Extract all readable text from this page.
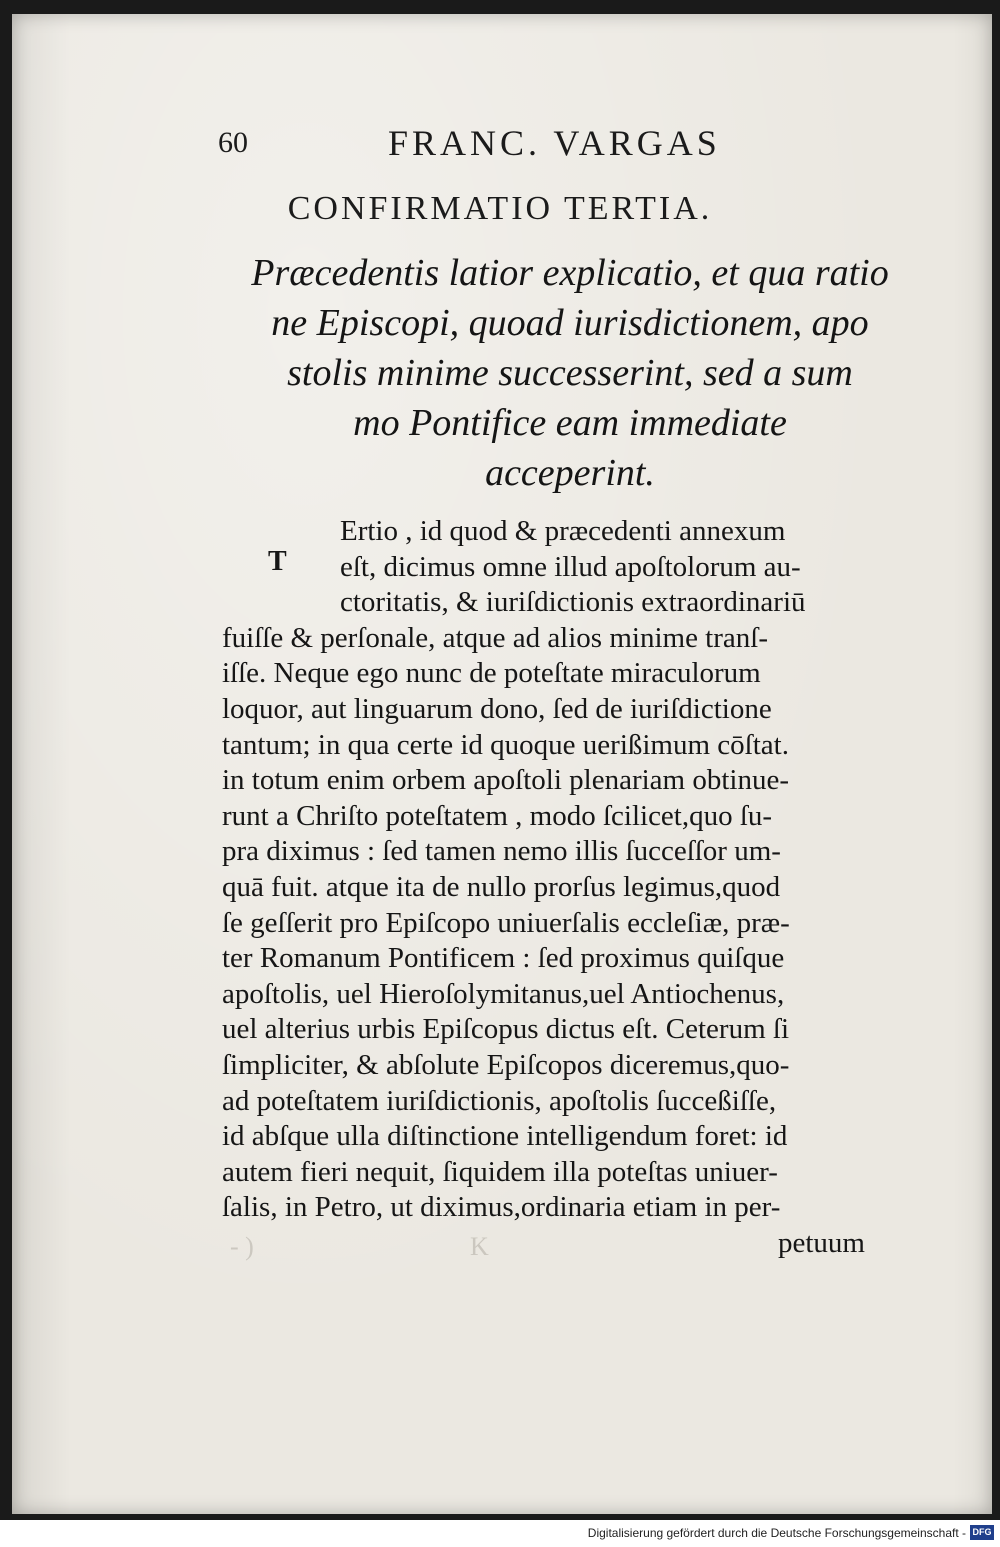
- )	K
60	FRANC. VARGAS
CONFIRMATIO TERTIA.
Præcedentis latior explicatio, et qua ratio
ne Episcopi, quoad iurisdictionem, apo
stolis minime successerint, sed a sum
mo Pontifice eam immediate
acceperint.
T
Ertio , id quod & præcedenti annexum
eſt, dicimus omne illud apoſtolorum au-
ctoritatis, & iuriſdictionis extraordinariū
fuiſſe & perſonale, atque ad alios minime tranſ-
iſſe. Neque ego nunc de poteſtate miraculorum
loquor, aut linguarum dono, ſed de iuriſdictione
tantum; in qua certe id quoque uerißimum cōſtat.
in totum enim orbem apoſtoli plenariam obtinue-
runt a Chriſto poteſtatem , modo ſcilicet,quo ſu-
pra diximus : ſed tamen nemo illis ſucceſſor um-
quā fuit. atque ita de nullo prorſus legimus,quod
ſe geſſerit pro Epiſcopo uniuerſalis eccleſiæ, præ-
ter Romanum Pontificem : ſed proximus quiſque
apoſtolis, uel Hieroſolymitanus,uel Antiochenus,
uel alterius urbis Epiſcopus dictus eſt. Ceterum ſi
ſimpliciter, & abſolute Epiſcopos diceremus,quo-
ad poteſtatem iuriſdictionis, apoſtolis ſucceßiſſe,
id abſque ulla diſtinctione intelligendum foret: id
autem fieri nequit, ſiquidem illa poteſtas uniuer-
ſalis, in Petro, ut diximus,ordinaria etiam in per-
petuum
Digitalisierung gefördert durch die Deutsche Forschungsgemeinschaft - DFG
